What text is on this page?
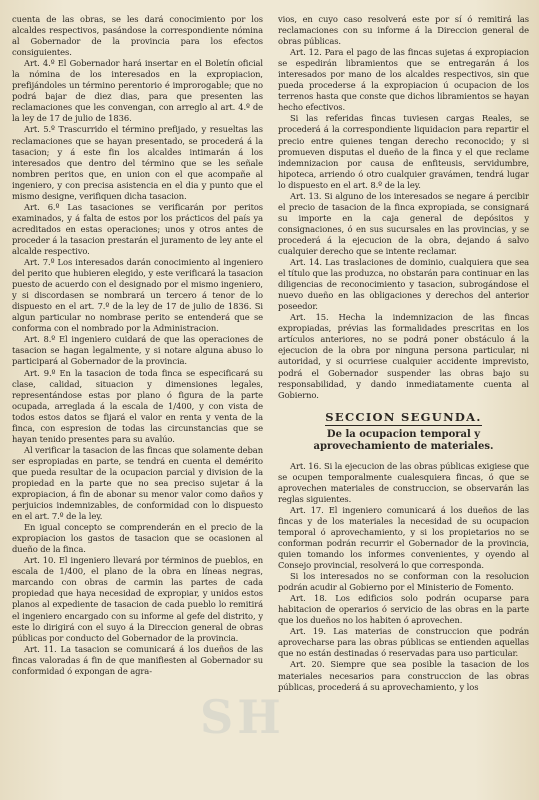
SH

cuenta de las obras, se les dará conocimiento por los alcaldes respectivos, pasándose la correspondiente nómina al Gobernador de la provincia para los efectos consiguientes.

Art. 4.º El Gobernador hará insertar en el Boletín oficial la nómina de los interesados en la expropiacion, prefijándoles un término perentorio é improrogable; que no podrá bajar de diez dias, para que presenten las reclamaciones que les convengan, con arreglo al art. 4.º de la ley de 17 de julio de 1836.

Art. 5.º Trascurrido el término prefijado, y resueltas las reclamaciones que se hayan presentado, se procederá á la tasacion; y á este fin los alcaldes intimarán á los interesados que dentro del término que se les señale nombren peritos que, en union con el que acompañe al ingeniero, y con precisa asistencia en el dia y punto que el mismo designe, verifiquen dicha tasacion.

Art. 6.º Las tasaciones se verificarán por peritos examinados, y á falta de estos por los prácticos del país ya acreditados en estas operaciones; unos y otros antes de proceder á la tasacion prestarán el juramento de ley ante el alcalde respectivo.

Art. 7.º Los interesados darán conocimiento al ingeniero del perito que hubieren elegido, y este verificará la tasacion puesto de acuerdo con el designado por el mismo ingeniero, y si discordasen se nombrará un tercero á tenor de lo dispuesto en el art. 7.º de la ley de 17 de julio de 1836. Si algun particular no nombrase perito se entenderá que se conforma con el nombrado por la Administracion.

Art. 8.º El ingeniero cuidará de que las operaciones de tasacion se hagan legalmente, y si notare alguna abuso lo participará al Gobernador de la provincia.

Art. 9.º En la tasacion de toda finca se especificará su clase, calidad, situacion y dimensiones legales, representándose estas por plano ó figura de la parte ocupada, arreglada á la escala de 1/400, y con vista de todos estos datos se fijará el valor en renta y venta de la finca, con espresion de todas las circunstancias que se hayan tenido presentes para su avalúo.

Al verificar la tasacion de las fincas que solamente deban ser espropiadas en parte, se tendrá en cuenta el demérito que pueda resultar de la ocupacion parcial y division de la propiedad en la parte que no sea preciso sujetar á la expropiacion, á fin de abonar su menor valor como daños y perjuicios indemnizables, de conformidad con lo dispuesto en el art. 7.º de la ley.

En igual concepto se comprenderán en el precio de la expropiacion los gastos de tasacion que se ocasionen al dueño de la finca.

Art. 10. El ingeniero llevará por términos de pueblos, en escala de 1/400, el plano de la obra en líneas negras, marcando con obras de carmin las partes de cada propiedad que haya necesidad de expropiar, y unidos estos planos al expediente de tasacion de cada pueblo lo remitirá el ingeniero encargado con su informe al gefe del distrito, y este lo dirigirá con el suyo á la Direccion general de obras públicas por conducto del Gobernador de la provincia.

Art. 11. La tasacion se comunicará á los dueños de las fincas valoradas á fin de que manifiesten al Gobernador su conformidad ó expongan de agra-

vios, en cuyo caso resolverá este por sí ó remitirá las reclamaciones con su informe á la Direccion general de obras públicas.

Art. 12. Para el pago de las fincas sujetas á expropiacion se espedirán libramientos que se entregarán á los interesados por mano de los alcaldes respectivos, sin que pueda procederse á la expropiacion ú ocupacion de los terrenos hasta que conste que dichos libramientos se hayan hecho efectivos.

Si las referidas fincas tuviesen cargas Reales, se procederá á la correspondiente liquidacion para repartir el precio entre quienes tengan derecho reconocido; y si promueven disputas el dueño de la finca y el que reclame indemnizacion por causa de enfiteusis, servidumbre, hipoteca, arriendo ó otro cualquier gravámen, tendrá lugar lo dispuesto en el art. 8.º de la ley.

Art. 13. Si alguno de los interesados se negare á percibir el precio de tasacion de la finca expropiada, se consignará su importe en la caja general de depósitos y consignaciones, ó en sus sucursales en las provincias, y se procederá á la ejecucion de la obra, dejando á salvo cualquier derecho que se intente reclamar.

Art. 14. Las traslaciones de dominio, cualquiera que sea el título que las produzca, no obstarán para continuar en las diligencias de reconocimiento y tasacion, subrogándose el nuevo dueño en las obligaciones y derechos del anterior poseedor.

Art. 15. Hecha la indemnizacion de las fincas expropiadas, prévias las formalidades prescritas en los artículos anteriores, no se podrá poner obstáculo á la ejecucion de la obra por ninguna persona particular, ni autoridad, y si ocurriese cualquier accidente imprevisto, podrá el Gobernador suspender las obras bajo su responsabilidad, y dando inmediatamente cuenta al Gobierno.

SECCION SEGUNDA.
De la ocupacion temporal y aprovechamiento de materiales.

Art. 16. Si la ejecucion de las obras públicas exigiese que se ocupen temporalmente cualesquiera fincas, ó que se aprovechen materiales de construccion, se observarán las reglas siguientes.

Art. 17. El ingeniero comunicará á los dueños de las fincas y de los materiales la necesidad de su ocupacion temporal ó aprovechamiento, y si los propietarios no se conforman podrán recurrir el Gobernador de la provincia, quien tomando los informes convenientes, y oyendo al Consejo provincial, resolverá lo que corresponda.

Si los interesados no se conforman con la resolucion podrán acudir al Gobierno por el Ministerio de Fomento.

Art. 18. Los edificios solo podrán ocuparse para habitacion de operarios ó servicio de las obras en la parte que los dueños no los habiten ó aprovechen.

Art. 19. Las materias de construccion que podrán aprovecharse para las obras públicas se entienden aquellas que no están destinadas ó reservadas para uso particular.

Art. 20. Siempre que sea posible la tasacion de los materiales necesarios para construccion de las obras públicas, procederá á su aprovechamiento, y los
